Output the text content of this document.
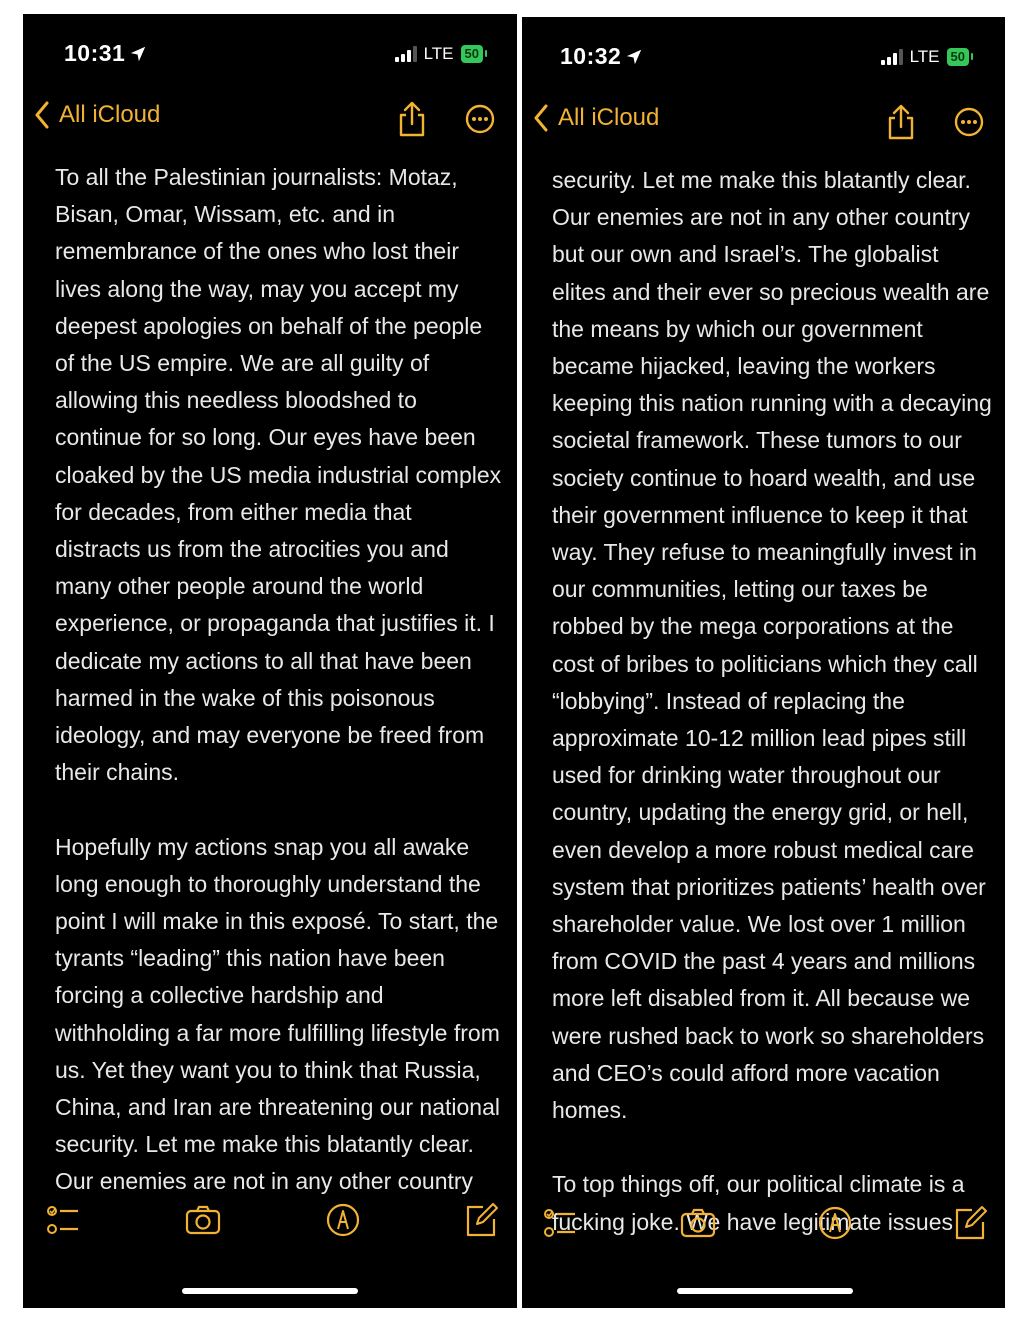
10:31	LTE 50
All iCloud

To all the Palestinian journalists: Motaz, Bisan, Omar, Wissam, etc. and in remembrance of the ones who lost their lives along the way, may you accept my deepest apologies on behalf of the people of the US empire. We are all guilty of allowing this needless bloodshed to continue for so long. Our eyes have been cloaked by the US media industrial complex for decades, from either media that distracts us from the atrocities you and many other people around the world experience, or propaganda that justifies it. I dedicate my actions to all that have been harmed in the wake of this poisonous ideology, and may everyone be freed from their chains.

Hopefully my actions snap you all awake long enough to thoroughly understand the point I will make in this exposé. To start, the tyrants “leading” this nation have been forcing a collective hardship and withholding a far more fulfilling lifestyle from us. Yet they want you to think that Russia, China, and Iran are threatening our national security. Let me make this blatantly clear. Our enemies are not in any other country

10:32	LTE 50
All iCloud

security. Let me make this blatantly clear. Our enemies are not in any other country but our own and Israel’s. The globalist elites and their ever so precious wealth are the means by which our government became hijacked, leaving the workers keeping this nation running with a decaying societal framework. These tumors to our society continue to hoard wealth, and use their government influence to keep it that way. They refuse to meaningfully invest in our communities, letting our taxes be robbed by the mega corporations at the cost of bribes to politicians which they call “lobbying”. Instead of replacing the approximate 10-12 million lead pipes still used for drinking water throughout our country, updating the energy grid, or hell, even develop a more robust medical care system that prioritizes patients’ health over shareholder value. We lost over 1 million from COVID the past 4 years and millions more left disabled from it. All because we were rushed back to work so shareholders and CEO’s could afford more vacation homes.

To top things off, our political climate is a fucking joke. We have legitimate issues
